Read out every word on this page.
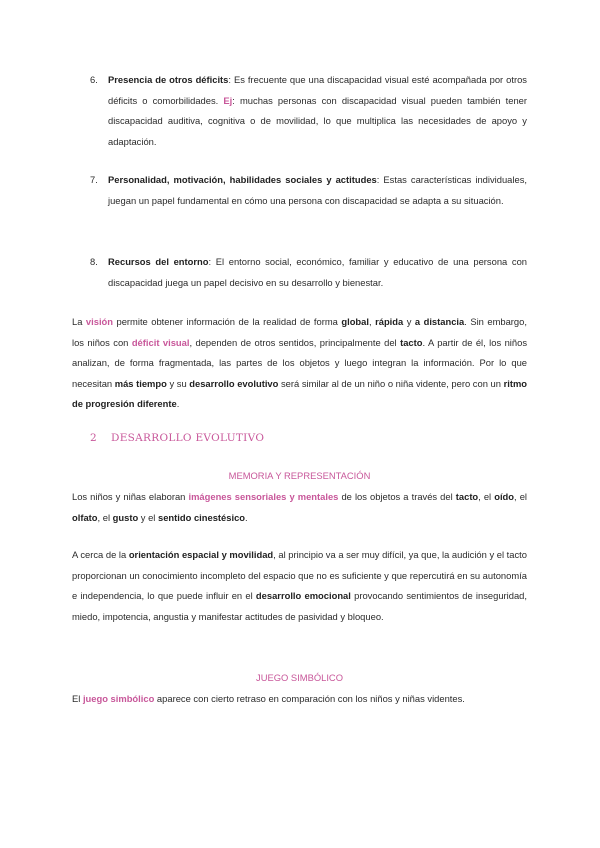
6.	Presencia de otros déficits: Es frecuente que una discapacidad visual esté acompañada por otros déficits o comorbilidades. Ej: muchas personas con discapacidad visual pueden también tener discapacidad auditiva, cognitiva o de movilidad, lo que multiplica las necesidades de apoyo y adaptación.
7.	Personalidad, motivación, habilidades sociales y actitudes: Estas características individuales, juegan un papel fundamental en cómo una persona con discapacidad se adapta a su situación.
8.	Recursos del entorno: El entorno social, económico, familiar y educativo de una persona con discapacidad juega un papel decisivo en su desarrollo y bienestar.
La visión permite obtener información de la realidad de forma global, rápida y a distancia. Sin embargo, los niños con déficit visual, dependen de otros sentidos, principalmente del tacto. A partir de él, los niños analizan, de forma fragmentada, las partes de los objetos y luego integran la información. Por lo que necesitan más tiempo y su desarrollo evolutivo será similar al de un niño o niña vidente, pero con un ritmo de progresión diferente.
2 DESARROLLO EVOLUTIVO
MEMORIA Y REPRESENTACIÓN
Los niños y niñas elaboran imágenes sensoriales y mentales de los objetos a través del tacto, el oído, el olfato, el gusto y el sentido cinestésico.
A cerca de la orientación espacial y movilidad, al principio va a ser muy difícil, ya que, la audición y el tacto proporcionan un conocimiento incompleto del espacio que no es suficiente y que repercutirá en su autonomía e independencia, lo que puede influir en el desarrollo emocional provocando sentimientos de inseguridad, miedo, impotencia, angustia y manifestar actitudes de pasividad y bloqueo.
JUEGO SIMBÓLICO
El juego simbólico aparece con cierto retraso en comparación con los niños y niñas videntes.
